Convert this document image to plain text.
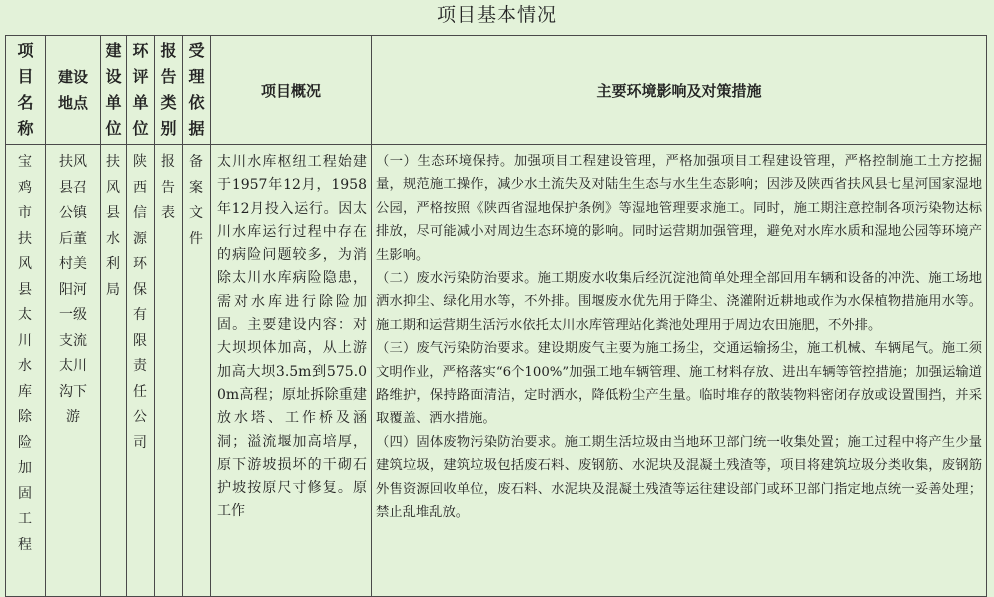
项目基本情况
项目名称	建设地点	建设单位	环评单位	报告类别	受理依据	项目概况	主要环境影响及对策措施

宝鸡市扶风县太川水库除险加固工程	扶风县召公镇后董村美阳河一级支流太川沟下游	扶风县水利局	陕西信源环保有限责任公司	报告表	备案文件	太川水库枢纽工程始建于1957年12月，1958年12月投入运行。因太川水库运行过程中存在的病险问题较多，为消除太川水库病险隐患，需对水库进行除险加固。主要建设内容：对大坝坝体加高，从上游加高大坝3.5m到575.00m高程；原址拆除重建放水塔、工作桥及涵洞；溢流堰加高培厚，原下游坡损坏的干砌石护坡按原尺寸修复。原工作	（一）生态环境保持。加强项目工程建设管理，严格加强项目工程建设管理，严格控制施工土方挖掘量，规范施工操作，减少水土流失及对陆生生态与水生生态影响；因涉及陕西省扶风县七星河国家湿地公园，严格按照《陕西省湿地保护条例》等湿地管理要求施工。同时，施工期注意控制各项污染物达标排放，尽可能减小对周边生态环境的影响。同时运营期加强管理，避免对水库水质和湿地公园等环境产生影响。

（二）废水污染防治要求。施工期废水收集后经沉淀池简单处理全部回用车辆和设备的冲洗、施工场地洒水抑尘、绿化用水等，不外排。围堰废水优先用于降尘、浇灌附近耕地或作为水保植物措施用水等。施工期和运营期生活污水依托太川水库管理站化粪池处理用于周边农田施肥，不外排。

（三）废气污染防治要求。建设期废气主要为施工扬尘，交通运输扬尘，施工机械、车辆尾气。施工须文明作业，严格落实“6个100%”加强工地车辆管理、施工材料存放、进出车辆等管控措施；加强运输道路维护，保持路面清洁，定时洒水，降低粉尘产生量。临时堆存的散装物料密闭存放或设置围挡，并采取覆盖、洒水措施。

（四）固体废物污染防治要求。施工期生活垃圾由当地环卫部门统一收集处置；施工过程中将产生少量建筑垃圾，建筑垃圾包括废石料、废钢筋、水泥块及混凝土残渣等，项目将建筑垃圾分类收集，废钢筋外售资源回收单位，废石料、水泥块及混凝土残渣等运往建设部门或环卫部门指定地点统一妥善处理；禁止乱堆乱放。
